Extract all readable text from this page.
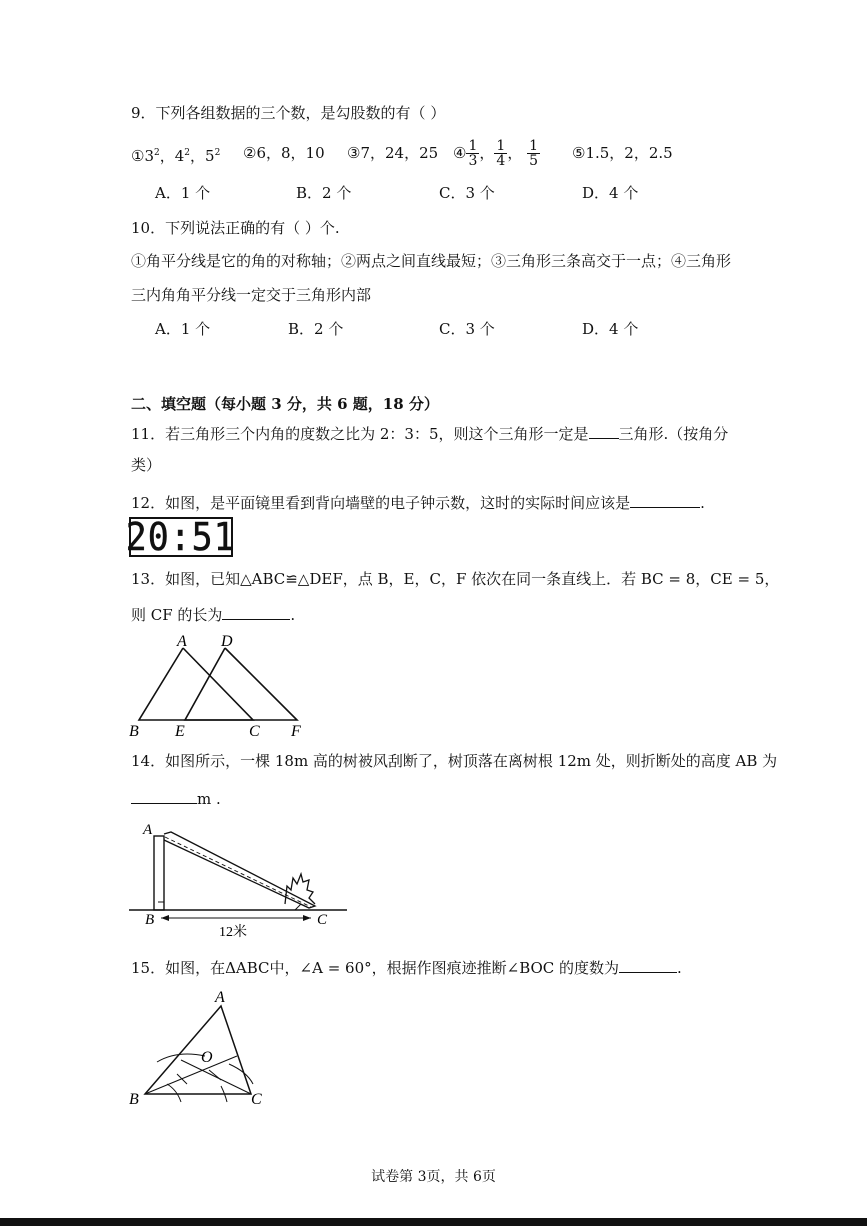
9．下列各组数据的三个数，是勾股数的有（ ）
$①3^2$，$4^2$，$5^2$ ②6，8，10 ③7，24，25 ④ $\frac{1}{3}$ ， $\frac{1}{4}$ ， $\frac{1}{5}$ ⑤1.5，2，2.5
A．1 个	B．2 个	C．3 个	D．4 个
10．下列说法正确的有（ ）个.
①角平分线是它的角的对称轴；②两点之间直线最短；③三角形三条高交于一点；④三角形
三内角角平分线一定交于三角形内部
A．1 个	B．2 个	C．3 个	D．4 个
二、填空题（每小题 3 分，共 6 题，18 分）
11．若三角形三个内角的度数之比为 2：3：5，则这个三角形一定是 三角形.（按角分
类）
12．如图，是平面镜里看到背向墙壁的电子钟示数，这时的实际时间应该是	.
20:51
13．如图，已知△ABC≌△DEF，点 B，E，C，F 依次在同一条直线上．若 BC = 8，CE = 5，
则 CF 的长为	.
A D
B E	C F
14．如图所示，一棵 18m 高的树被风刮断了，树顶落在离树根 12m 处，则折断处的高度 AB 为
m .
A
B	C
12米
15．如图，在ΔABC中，∠A = 60°，根据作图痕迹推断∠BOC 的度数为	.
A
B	C
O
试卷第 3页，共 6页
